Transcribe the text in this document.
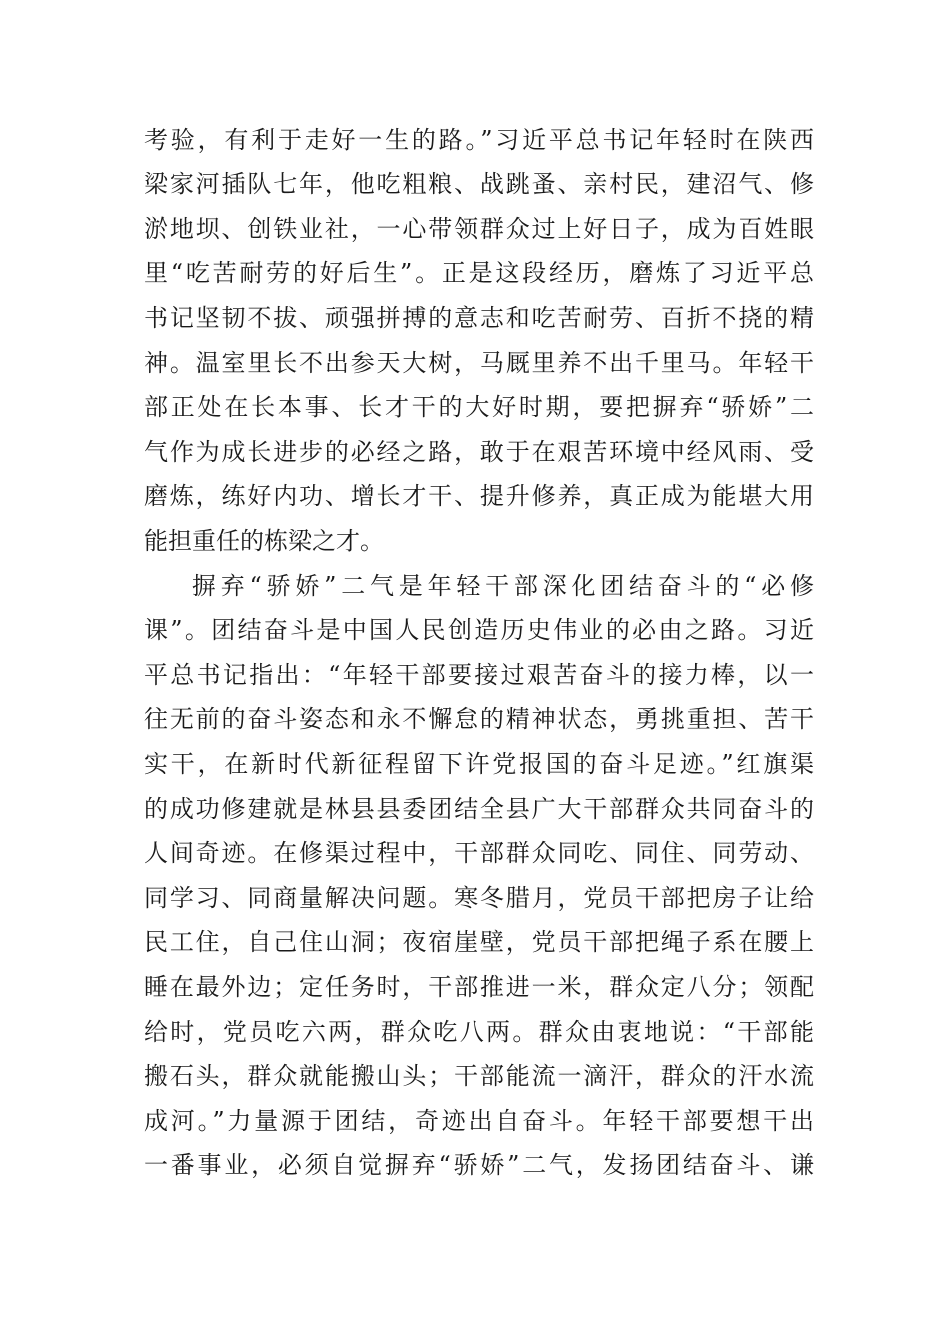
考验，有利于走好一生的路。”习近平总书记年轻时在陕西
梁家河插队七年，他吃粗粮、战跳蚤、亲村民，建沼气、修
淤地坝、创铁业社，一心带领群众过上好日子，成为百姓眼
里“吃苦耐劳的好后生”。正是这段经历，磨炼了习近平总
书记坚韧不拔、顽强拼搏的意志和吃苦耐劳、百折不挠的精
神。温室里长不出参天大树，马厩里养不出千里马。年轻干
部正处在长本事、长才干的大好时期，要把摒弃“骄娇”二
气作为成长进步的必经之路，敢于在艰苦环境中经风雨、受
磨炼，练好内功、增长才干、提升修养，真正成为能堪大用
能担重任的栋梁之才。
摒弃“骄娇”二气是年轻干部深化团结奋斗的“必修
课”。团结奋斗是中国人民创造历史伟业的必由之路。习近
平总书记指出：“年轻干部要接过艰苦奋斗的接力棒，以一
往无前的奋斗姿态和永不懈怠的精神状态，勇挑重担、苦干
实干，在新时代新征程留下许党报国的奋斗足迹。”红旗渠
的成功修建就是林县县委团结全县广大干部群众共同奋斗的
人间奇迹。在修渠过程中，干部群众同吃、同住、同劳动、
同学习、同商量解决问题。寒冬腊月，党员干部把房子让给
民工住，自己住山洞；夜宿崖壁，党员干部把绳子系在腰上
睡在最外边；定任务时，干部推进一米，群众定八分；领配
给时，党员吃六两，群众吃八两。群众由衷地说：“干部能
搬石头，群众就能搬山头；干部能流一滴汗，群众的汗水流
成河。”力量源于团结，奇迹出自奋斗。年轻干部要想干出
一番事业，必须自觉摒弃“骄娇”二气，发扬团结奋斗、谦
